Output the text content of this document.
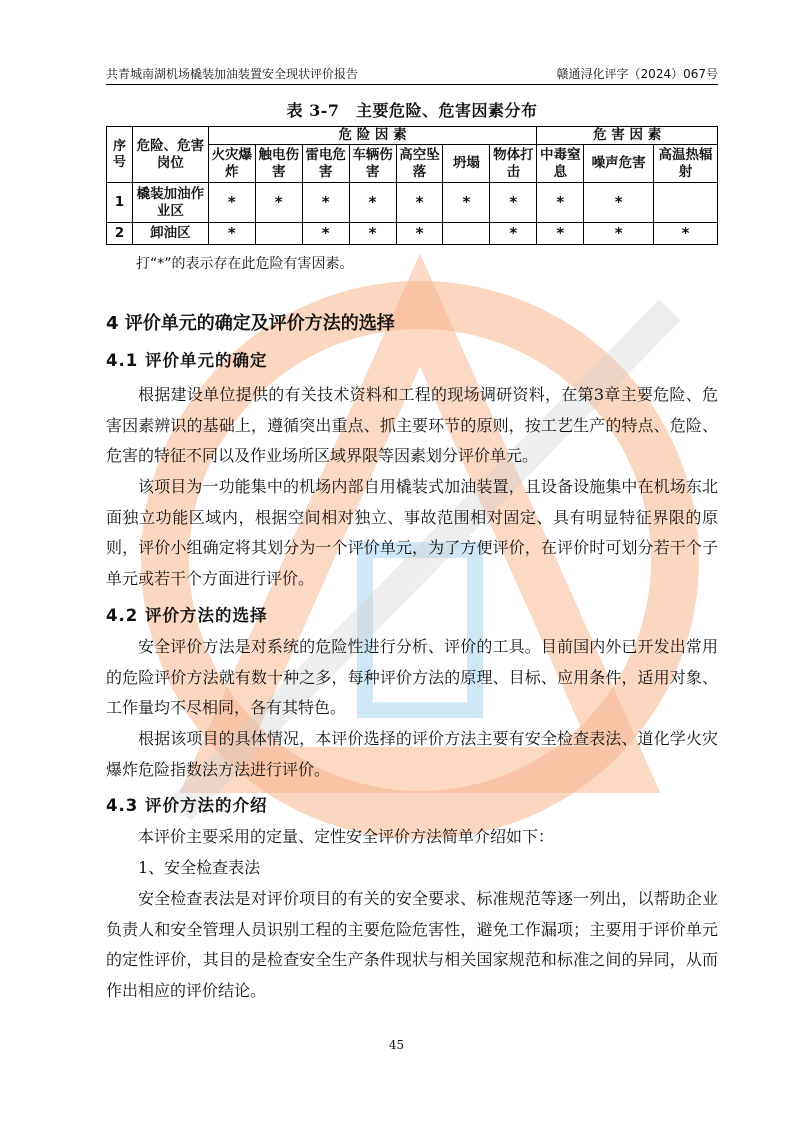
共青城南湖机场橇装加油装置安全现状评价报告	赣通浔化评字（2024）067号
表 3-7　主要危险、危害因素分布
序号	危险、危害岗位	危 险 因 素							危 害 因 素		
		火灾爆炸	触电伤害	雷电危害	车辆伤害	高空坠落	坍塌	物体打击	中毒窒息	噪声危害	高温热辐射
1	橇装加油作业区	*	*	*	*	*	*	*	*	*	
2	卸油区	*		*	*	*		*	*	*	*
打“*”的表示存在此危险有害因素。
4 评价单元的确定及评价方法的选择
4.1 评价单元的确定

根据建设单位提供的有关技术资料和工程的现场调研资料，在第3章主要危险、危害因素辨识的基础上，遵循突出重点、抓主要环节的原则，按工艺生产的特点、危险、危害的特征不同以及作业场所区域界限等因素划分评价单元。

该项目为一功能集中的机场内部自用橇装式加油装置，且设备设施集中在机场东北面独立功能区域内，根据空间相对独立、事故范围相对固定、具有明显特征界限的原则，评价小组确定将其划分为一个评价单元，为了方便评价，在评价时可划分若干个子单元或若干个方面进行评价。

4.2 评价方法的选择

安全评价方法是对系统的危险性进行分析、评价的工具。目前国内外已开发出常用的危险评价方法就有数十种之多，每种评价方法的原理、目标、应用条件，适用对象、工作量均不尽相同，各有其特色。

根据该项目的具体情况，本评价选择的评价方法主要有安全检查表法、道化学火灾爆炸危险指数法方法进行评价。

4.3 评价方法的介绍

本评价主要采用的定量、定性安全评价方法简单介绍如下：

1、安全检查表法

安全检查表法是对评价项目的有关的安全要求、标准规范等逐一列出，以帮助企业负责人和安全管理人员识别工程的主要危险危害性，避免工作漏项；主要用于评价单元的定性评价，其目的是检查安全生产条件现状与相关国家规范和标准之间的异同，从而作出相应的评价结论。

45
